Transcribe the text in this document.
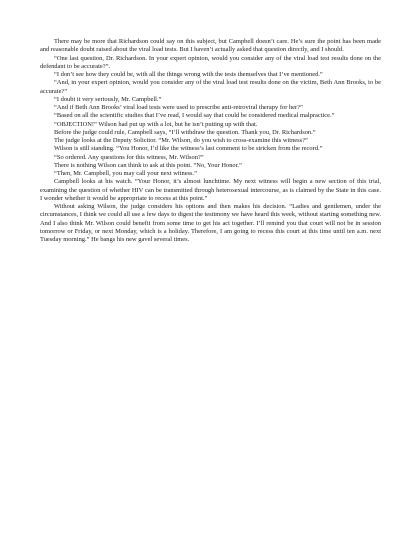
There may be more that Richardson could say on this subject, but Campbell doesn’t care. He’s sure the point has been made and reasonable doubt raised about the viral load tests. But I haven’t actually asked that question directly, and I should.

“One last question, Dr. Richardson. In your expert opinion, would you consider any of the viral load test results done on the defendant to be accurate?”.

“I don’t see how they could be, with all the things wrong with the tests themselves that I’ve mentioned.”

“And, in your expert opinion, would you consider any of the viral load test results done on the victim, Beth Ann Brooks, to be accurate?”

“I doubt it very seriously, Mr. Campbell.”

“And if Beth Ann Brooks’ viral load tests were used to prescribe anti-retroviral therapy for her?”

“Based on all the scientific studies that I’ve read, I would say that could be considered medical malpractice.”

“OBJECTION!” Wilson had put up with a lot, but he isn’t putting up with that.

Before the judge could rule, Campbell says, “I’ll withdraw the question. Thank you, Dr. Richardson.”

The judge looks at the Deputy Solicitor. “Mr. Wilson, do you wish to cross-examine this witness?”

Wilson is still standing. “You Honor, I’d like the witness’s last comment to be stricken from the record.”

“So ordered. Any questions for this witness, Mr. Wilson?”

There is nothing Wilson can think to ask at this point. “No, Your Honor.”

“Then, Mr. Campbell, you may call your next witness.”

Campbell looks at his watch. “Your Honor, it’s almost lunchtime. My next witness will begin a new section of this trial, examining the question of whether HIV can be transmitted through heterosexual intercourse, as is claimed by the State in this case. I wonder whether it would be appropriate to recess at this point.”

Without asking Wilson, the judge considers his options and then makes his decision. “Ladies and gentlemen, under the circumstances, I think we could all use a few days to digest the testimony we have heard this week, without starting something new. And I also think Mr. Wilson could benefit from some time to get his act together. I’ll remind you that court will not be in session tomorrow or Friday, or next Monday, which is a holiday. Therefore, I am going to recess this court at this time until ten a.m. next Tuesday morning.” He bangs his new gavel several times.
